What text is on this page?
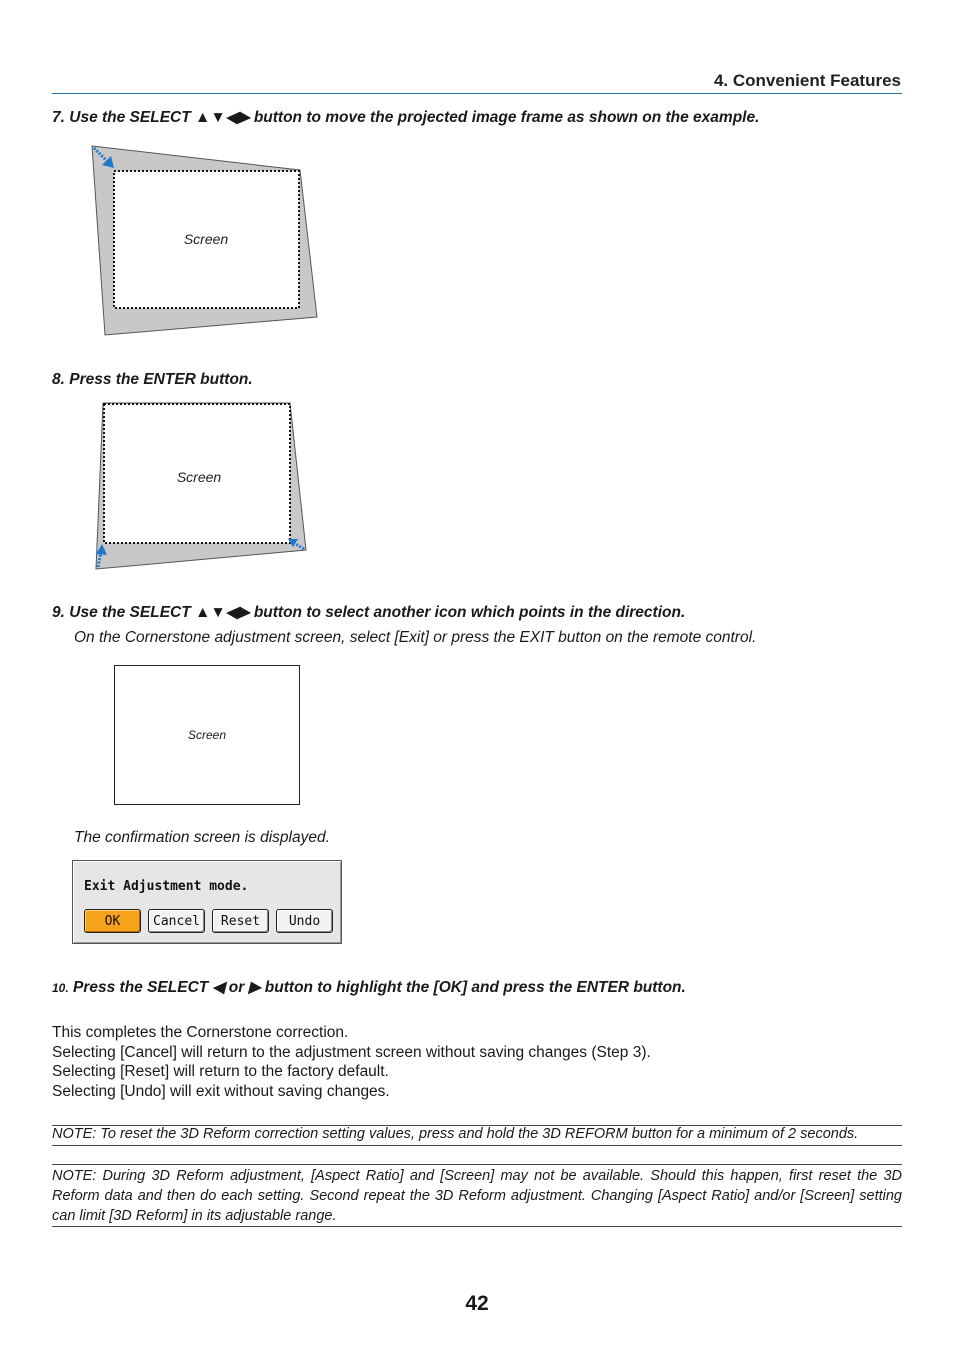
4. Convenient Features
7. Use the SELECT ▲▼◀▶ button to move the projected image frame as shown on the example.
Screen
8. Press the ENTER button.
Screen
9. Use the SELECT ▲▼◀▶ button to select another icon which points in the direction.
On the Cornerstone adjustment screen, select [Exit] or press the EXIT button on the remote control.
Screen
The confirmation screen is displayed.
Exit Adjustment mode.
OK	Cancel	Reset	Undo
10. Press the SELECT ◀ or ▶ button to highlight the [OK] and press the ENTER button.
This completes the Cornerstone correction.
Selecting [Cancel] will return to the adjustment screen without saving changes (Step 3).
Selecting [Reset] will return to the factory default.
Selecting [Undo] will exit without saving changes.
NOTE: To reset the 3D Reform correction setting values, press and hold the 3D REFORM button for a minimum of 2 seconds.
NOTE: During 3D Reform adjustment, [Aspect Ratio] and [Screen] may not be available. Should this happen, first reset the 3D Reform data and then do each setting. Second repeat the 3D Reform adjustment. Changing [Aspect Ratio] and/or [Screen] setting can limit [3D Reform] in its adjustable range.
42
